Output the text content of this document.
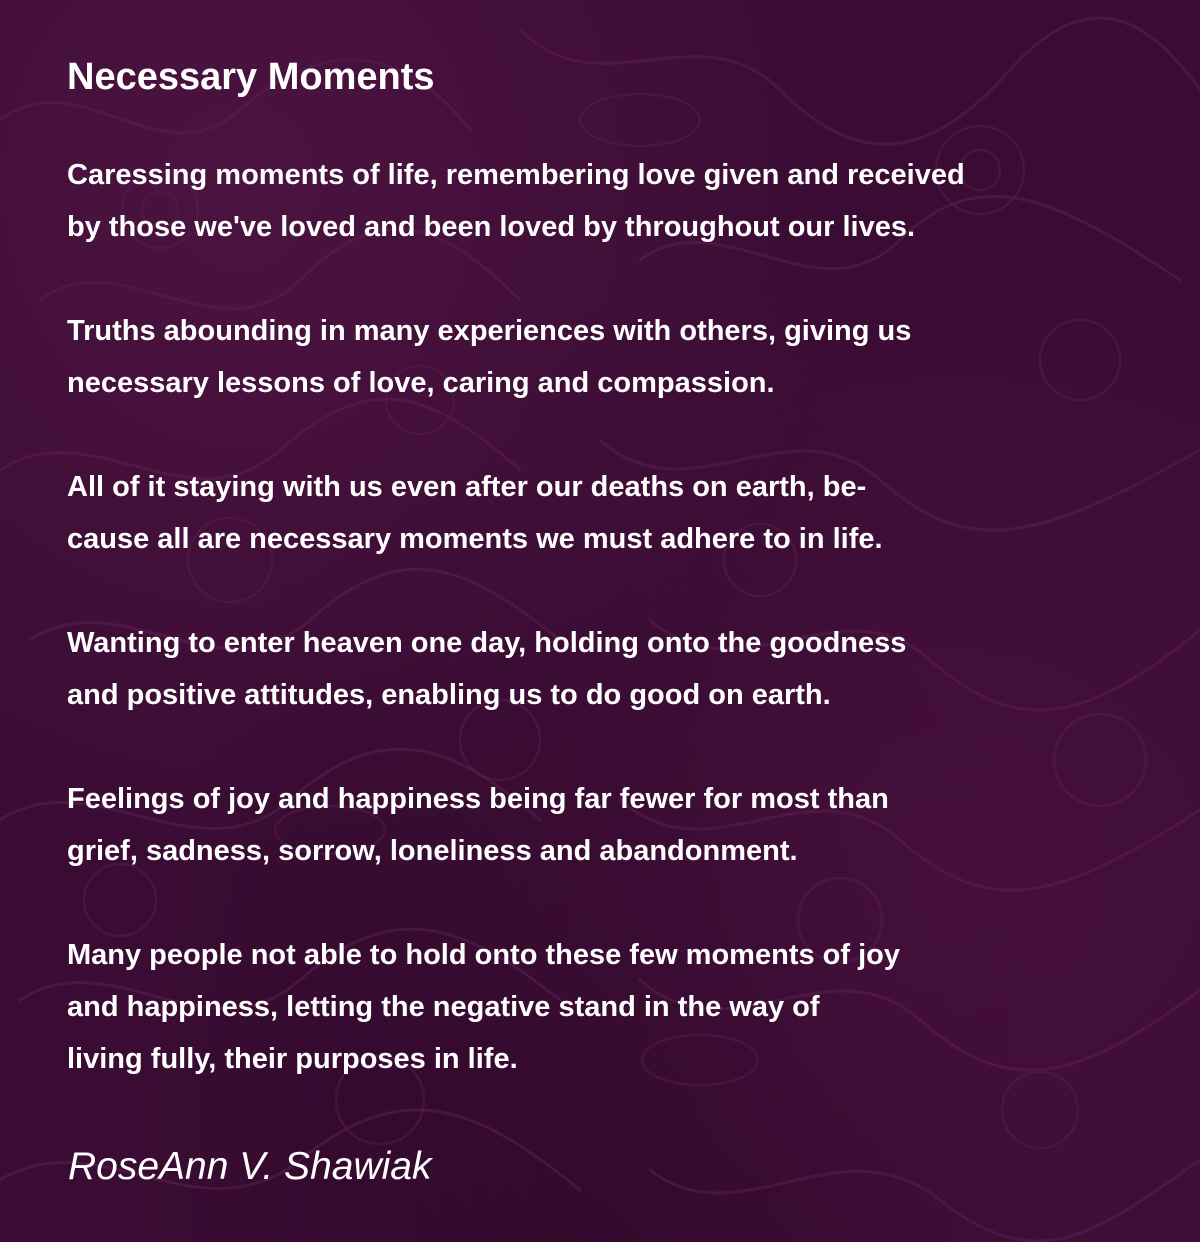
Necessary Moments
Caressing moments of life, remembering love given and received
by those we've loved and been loved by throughout our lives.
Truths abounding in many experiences with others, giving us
necessary lessons of love, caring and compassion.
All of it staying with us even after our deaths on earth, be-
cause all are necessary moments we must adhere to in life.
Wanting to enter heaven one day, holding onto the goodness
and positive attitudes, enabling us to do good on earth.
Feelings of joy and happiness being far fewer for most than
grief, sadness, sorrow, loneliness and abandonment.
Many people not able to hold onto these few moments of joy
and happiness, letting the negative stand in the way of
living fully, their purposes in life.

RoseAnn V. Shawiak
